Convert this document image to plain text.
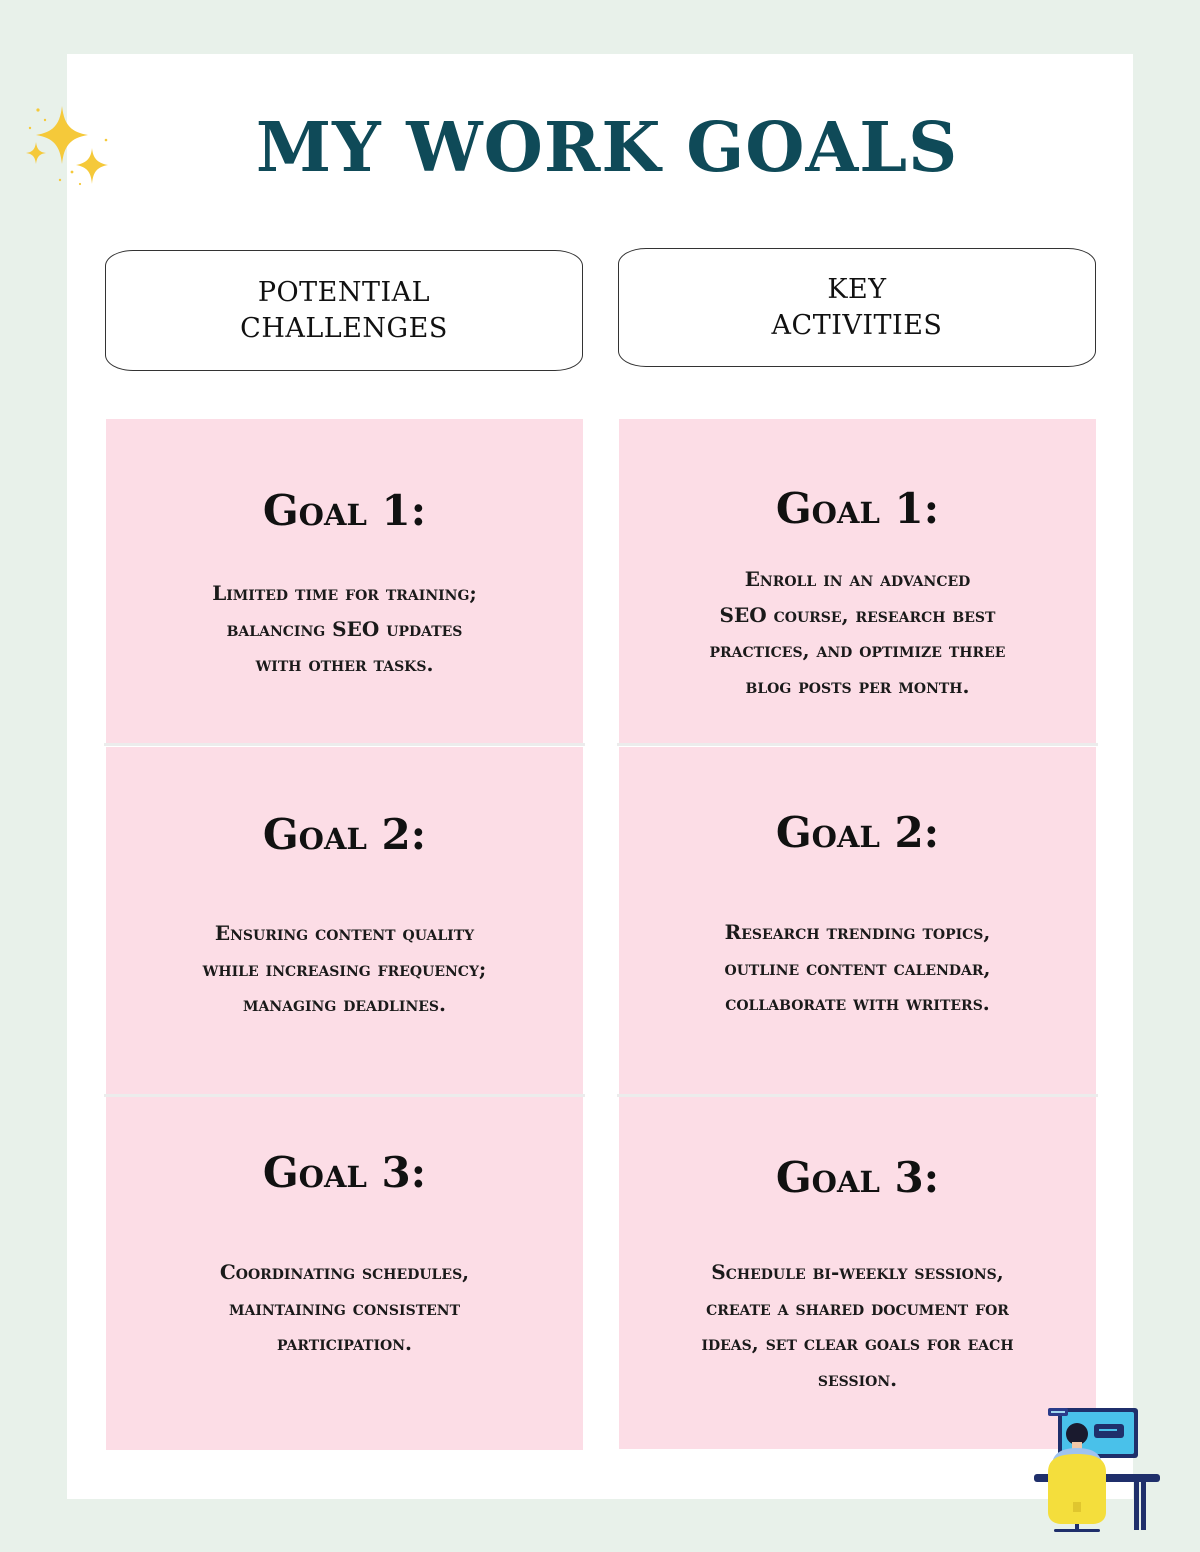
MY WORK GOALS
POTENTIAL
CHALLENGES
KEY
ACTIVITIES
Goal 1:

Limited time for training;
balancing SEO updates
with other tasks.

Goal 2:

Ensuring content quality
while increasing frequency;
managing deadlines.

Goal 3:

Coordinating schedules,
maintaining consistent
participation.

Goal 1:

Enroll in an advanced
SEO course, research best
practices, and optimize three
blog posts per month.

Goal 2:

Research trending topics,
outline content calendar,
collaborate with writers.

Goal 3:

Schedule bi-weekly sessions,
create a shared document for
ideas, set clear goals for each
session.
